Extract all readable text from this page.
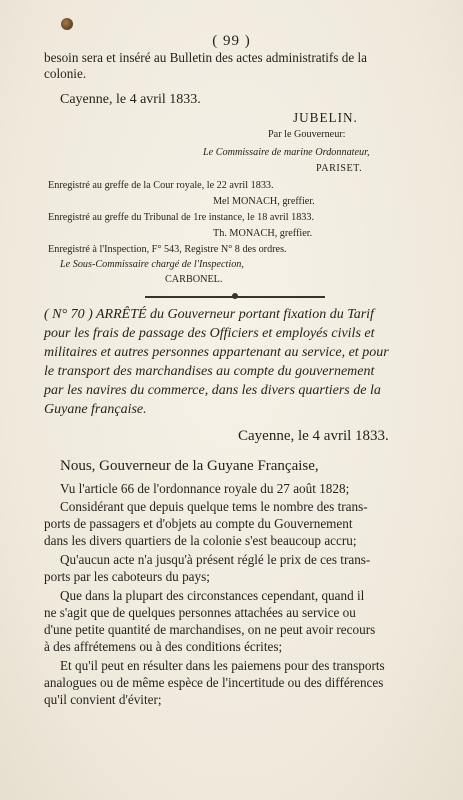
( 99 )
besoin sera et inséré au Bulletin des actes administratifs de la
colonie.
Cayenne, le 4 avril 1833.
JUBELIN.
Par le Gouverneur:
Le Commissaire de marine Ordonnateur,
PARISET.
Enregistré au greffe de la Cour royale, le 22 avril 1833.
Mel MONACH, greffier.
Enregistré au greffe du Tribunal de 1re instance, le 18 avril 1833.
Th. MONACH, greffier.
Enregistré à l'Inspection, F° 543, Registre N° 8 des ordres.
Le Sous-Commissaire chargé de l'Inspection,
CARBONEL.
( N° 70 ) ARRÊTÉ du Gouverneur portant fixation du Tarif
pour les frais de passage des Officiers et employés civils et
militaires et autres personnes appartenant au service, et pour
le transport des marchandises au compte du gouvernement
par les navires du commerce, dans les divers quartiers de la
Guyane française.
Cayenne, le 4 avril 1833.
Nous, Gouverneur de la Guyane Française,
Vu l'article 66 de l'ordonnance royale du 27 août 1828;
Considérant que depuis quelque tems le nombre des trans-
ports de passagers et d'objets au compte du Gouvernement
dans les divers quartiers de la colonie s'est beaucoup accru;
Qu'aucun acte n'a jusqu'à présent réglé le prix de ces trans-
ports par les caboteurs du pays;
Que dans la plupart des circonstances cependant, quand il
ne s'agit que de quelques personnes attachées au service ou
d'une petite quantité de marchandises, on ne peut avoir recours
à des affrétemens ou à des conditions écrites;
Et qu'il peut en résulter dans les paiemens pour des transports
analogues ou de même espèce de l'incertitude ou des différences
qu'il convient d'éviter;
